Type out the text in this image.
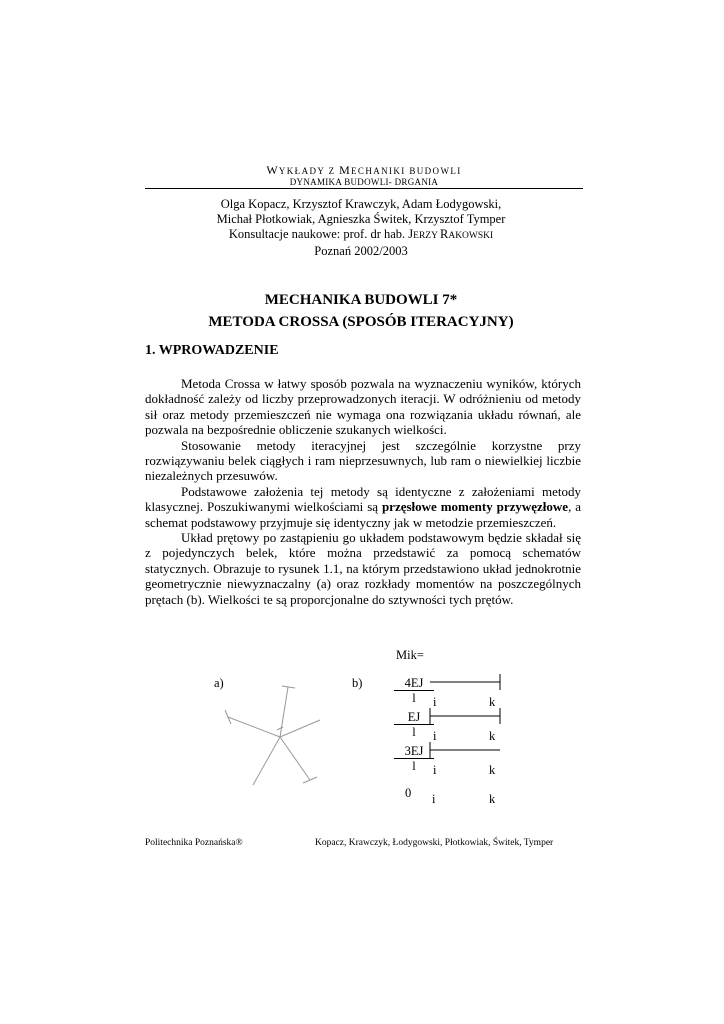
WYKŁADY Z MECHANIKI BUDOWLI
DYNAMIKA BUDOWLI- DRGANIA
Olga Kopacz, Krzysztof Krawczyk, Adam Łodygowski,
Michał Płotkowiak, Agnieszka Świtek, Krzysztof Tymper
Konsultacje naukowe: prof. dr hab. JERZY RAKOWSKI
Poznań 2002/2003
MECHANIKA BUDOWLI 7*
METODA CROSSA (SPOSÓB ITERACYJNY)
1. WPROWADZENIE

Metoda Crossa w łatwy sposób pozwala na wyznaczeniu wyników, których dokładność zależy od liczby przeprowadzonych iteracji. W odróżnieniu od metody sił oraz metody przemieszczeń nie wymaga ona rozwiązania układu równań, ale pozwala na bezpośrednie obliczenie szukanych wielkości.

Stosowanie metody iteracyjnej jest szczególnie korzystne przy rozwiązywaniu belek ciągłych i ram nieprzesuwnych, lub ram o niewielkiej liczbie niezależnych przesuwów.

Podstawowe założenia tej metody są identyczne z założeniami metody klasycznej. Poszukiwanymi wielkościami są przęsłowe momenty przywęzłowe, a schemat podstawowy przyjmuje się identyczny jak w metodzie przemieszczeń.

Układ prętowy po zastąpieniu go układem podstawowym będzie składał się z pojedynczych belek, które można przedstawić za pomocą schematów statycznych. Obrazuje to rysunek 1.1, na którym przedstawiono układ jednokrotnie geometrycznie niewyznaczalny (a) oraz rozkłady momentów na poszczególnych prętach (b). Wielkości te są proporcjonalne do sztywności tych prętów.

a)	b)
Mik=
$\frac{4EJ}{l}$
$\frac{EJ}{l}$
$\frac{3EJ}{l}$
0
i	k
i	k
i	k
i	k
Politechnika Poznańska®	Kopacz, Krawczyk, Łodygowski, Płotkowiak, Świtek, Tymper
